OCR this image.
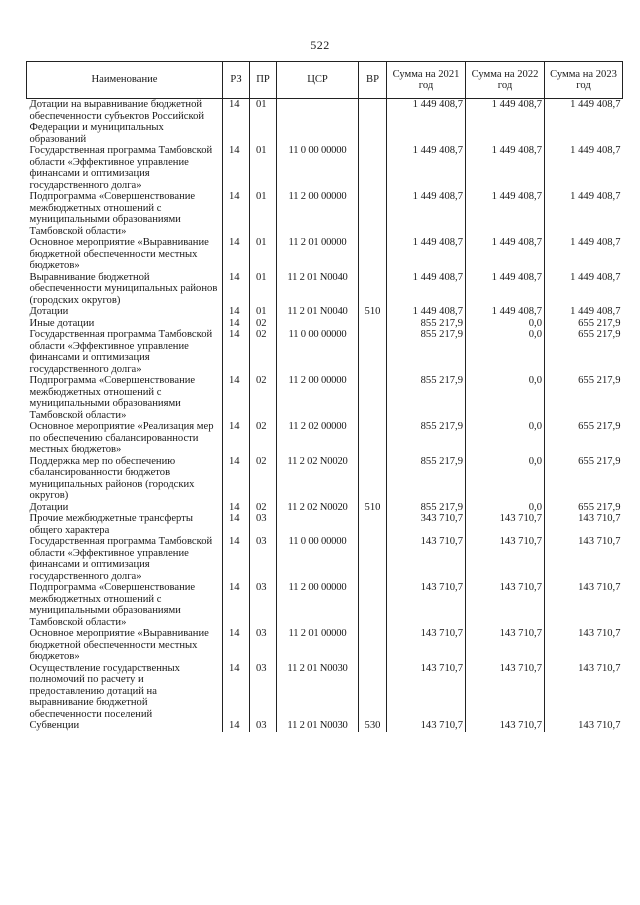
522
Наименование	РЗ	ПР	ЦСР	ВР	Сумма на 2021 год	Сумма на 2022 год	Сумма на 2023 год
Дотации на выравнивание бюджетной обеспеченности субъектов Российской Федерации и муниципальных образований	14	01			1 449 408,7	1 449 408,7	1 449 408,7
Государственная программа Тамбовской области «Эффективное управление финансами и оптимизация государственного долга»	14	01	11 0 00 00000		1 449 408,7	1 449 408,7	1 449 408,7
Подпрограмма «Совершенствование межбюджетных отношений с муниципальными образованиями Тамбовской области»	14	01	11 2 00 00000		1 449 408,7	1 449 408,7	1 449 408,7
Основное мероприятие «Выравнивание бюджетной обеспеченности местных бюджетов»	14	01	11 2 01 00000		1 449 408,7	1 449 408,7	1 449 408,7
Выравнивание бюджетной обеспеченности муниципальных районов (городских округов)	14	01	11 2 01 N0040		1 449 408,7	1 449 408,7	1 449 408,7
Дотации	14	01	11 2 01 N0040	510	1 449 408,7	1 449 408,7	1 449 408,7
Иные дотации	14	02			855 217,9	0,0	655 217,9
Государственная программа Тамбовской области «Эффективное управление финансами и оптимизация государственного долга»	14	02	11 0 00 00000		855 217,9	0,0	655 217,9
Подпрограмма «Совершенствование межбюджетных отношений с муниципальными образованиями Тамбовской области»	14	02	11 2 00 00000		855 217,9	0,0	655 217,9
Основное мероприятие «Реализация мер по обеспечению сбалансированности местных бюджетов»	14	02	11 2 02 00000		855 217,9	0,0	655 217,9
Поддержка мер по обеспечению сбалансированности бюджетов муниципальных районов (городских округов)	14	02	11 2 02 N0020		855 217,9	0,0	655 217,9
Дотации	14	02	11 2 02 N0020	510	855 217,9	0,0	655 217,9
Прочие межбюджетные трансферты общего характера	14	03			343 710,7	143 710,7	143 710,7
Государственная программа Тамбовской области «Эффективное управление финансами и оптимизация государственного долга»	14	03	11 0 00 00000		143 710,7	143 710,7	143 710,7
Подпрограмма «Совершенствование межбюджетных отношений с муниципальными образованиями Тамбовской области»	14	03	11 2 00 00000		143 710,7	143 710,7	143 710,7
Основное мероприятие «Выравнивание бюджетной обеспеченности местных бюджетов»	14	03	11 2 01 00000		143 710,7	143 710,7	143 710,7
Осуществление государственных полномочий по расчету и предоставлению дотаций на выравнивание бюджетной обеспеченности поселений	14	03	11 2 01 N0030		143 710,7	143 710,7	143 710,7
Субвенции	14	03	11 2 01 N0030	530	143 710,7	143 710,7	143 710,7
